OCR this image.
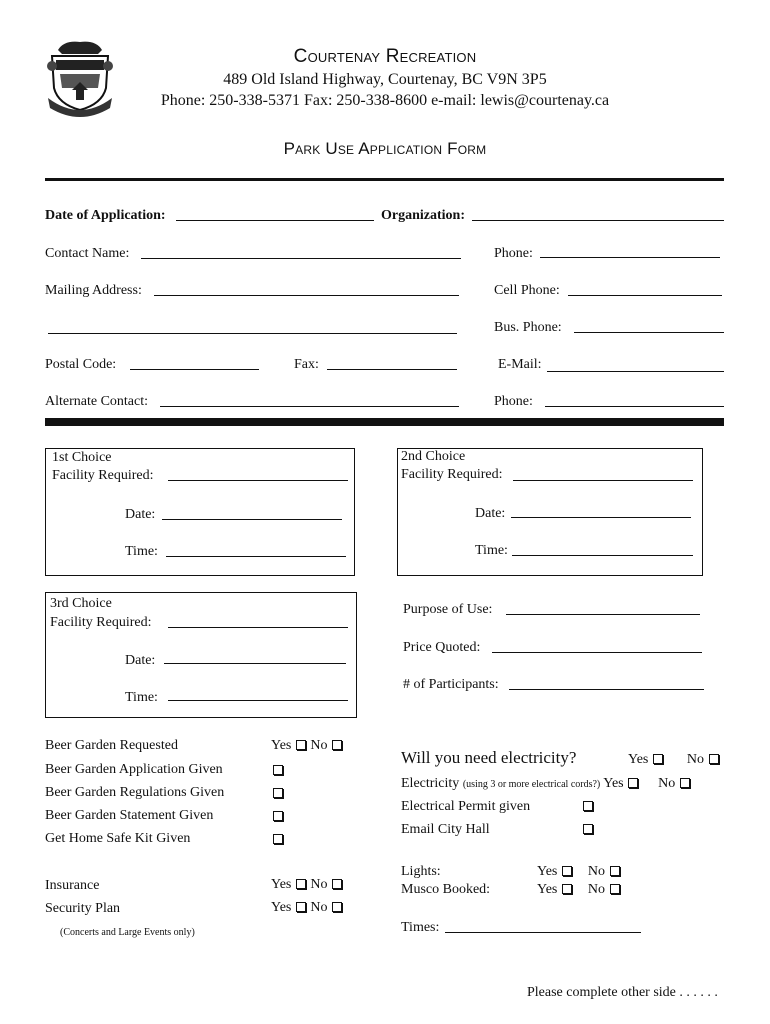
Courtenay Recreation
489 Old Island Highway, Courtenay, BC V9N 3P5
Phone: 250-338-5371 Fax: 250-338-8600 e-mail: lewis@courtenay.ca
Park Use Application Form
Date of Application:	Organization:
Contact Name:	Phone:
Mailing Address:	Cell Phone:
Bus. Phone:
Postal Code:	Fax:	E-Mail:
Alternate Contact:	Phone:
1st Choice
Facility Required:
Date:
Time:
2nd Choice
Facility Required:
Date:
Time:
3rd Choice
Facility Required:
Date:
Time:
Purpose of Use:
Price Quoted:
# of Participants:
Beer Garden Requested	Yes No
Beer Garden Application Given
Beer Garden Regulations Given
Beer Garden Statement Given
Get Home Safe Kit Given
Insurance	Yes No
Security Plan	Yes No
(Concerts and Large Events only)
Will you need electricity?	Yes	No
Electricity (using 3 or more electrical cords?) Yes No
Electrical Permit given
Email City Hall
Lights:	Yes No
Musco Booked:	Yes No
Times:
Please complete other side . . . . . .
